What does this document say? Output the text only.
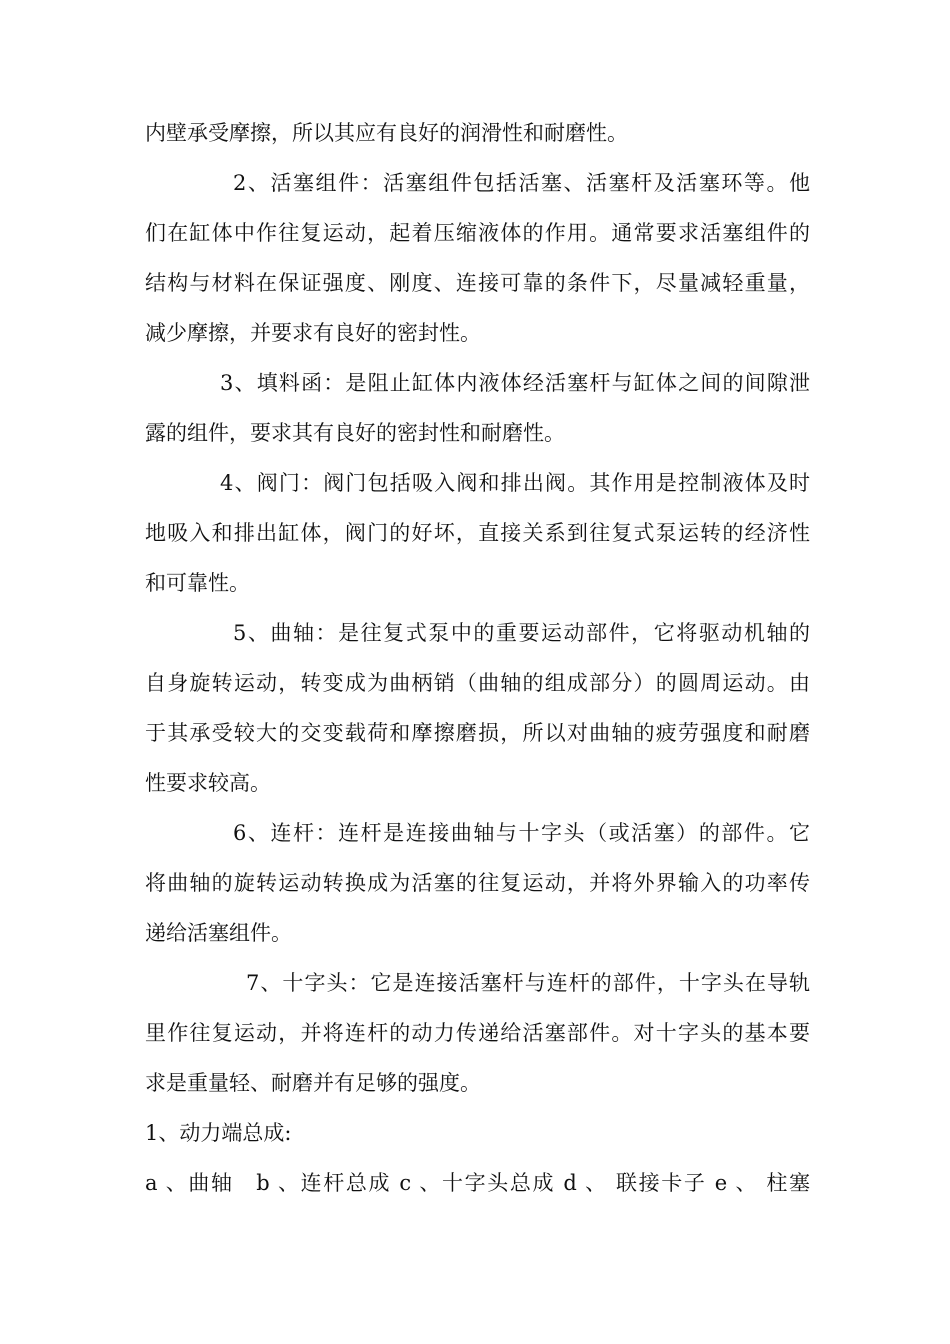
内壁承受摩擦，所以其应有良好的润滑性和耐磨性。
2、活塞组件：活塞组件包括活塞、活塞杆及活塞环等。他
们在缸体中作往复运动，起着压缩液体的作用。通常要求活塞组件的
结构与材料在保证强度、刚度、连接可靠的条件下，尽量减轻重量，
减少摩擦，并要求有良好的密封性。
3、填料函：是阻止缸体内液体经活塞杆与缸体之间的间隙泄
露的组件，要求其有良好的密封性和耐磨性。
4、阀门：阀门包括吸入阀和排出阀。其作用是控制液体及时
地吸入和排出缸体，阀门的好坏，直接关系到往复式泵运转的经济性
和可靠性。
5、曲轴：是往复式泵中的重要运动部件，它将驱动机轴的
自身旋转运动，转变成为曲柄销（曲轴的组成部分）的圆周运动。由
于其承受较大的交变载荷和摩擦磨损，所以对曲轴的疲劳强度和耐磨
性要求较高。
6、连杆：连杆是连接曲轴与十字头（或活塞）的部件。它
将曲轴的旋转运动转换成为活塞的往复运动，并将外界输入的功率传
递给活塞组件。
7、十字头：它是连接活塞杆与连杆的部件，十字头在导轨
里作往复运动，并将连杆的动力传递给活塞部件。对十字头的基本要
求是重量轻、耐磨并有足够的强度。
1、动力端总成:
a 、曲轴　b 、连杆总成 c 、十字头总成 d 、 联接卡子 e 、 柱塞
